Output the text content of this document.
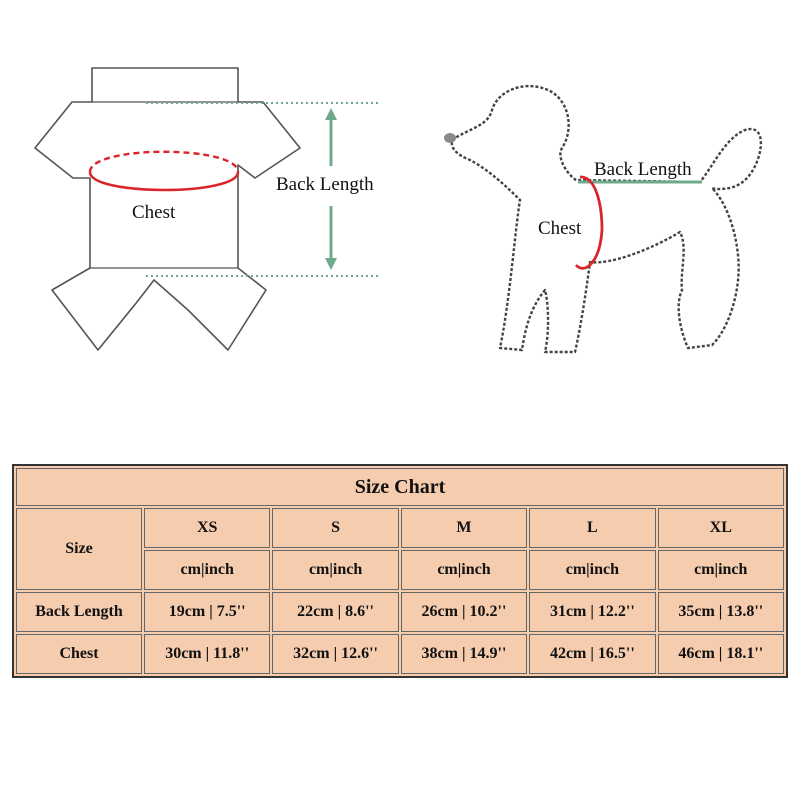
Back Length
Chest
Back Length
Chest
Size Chart					
Size	XS	S	M	L	XL
	cm|inch	cm|inch	cm|inch	cm|inch	cm|inch
Back Length	19cm | 7.5''	22cm | 8.6''	26cm | 10.2''	31cm | 12.2''	35cm | 13.8''
Chest	30cm | 11.8''	32cm | 12.6''	38cm | 14.9''	42cm | 16.5''	46cm | 18.1''
